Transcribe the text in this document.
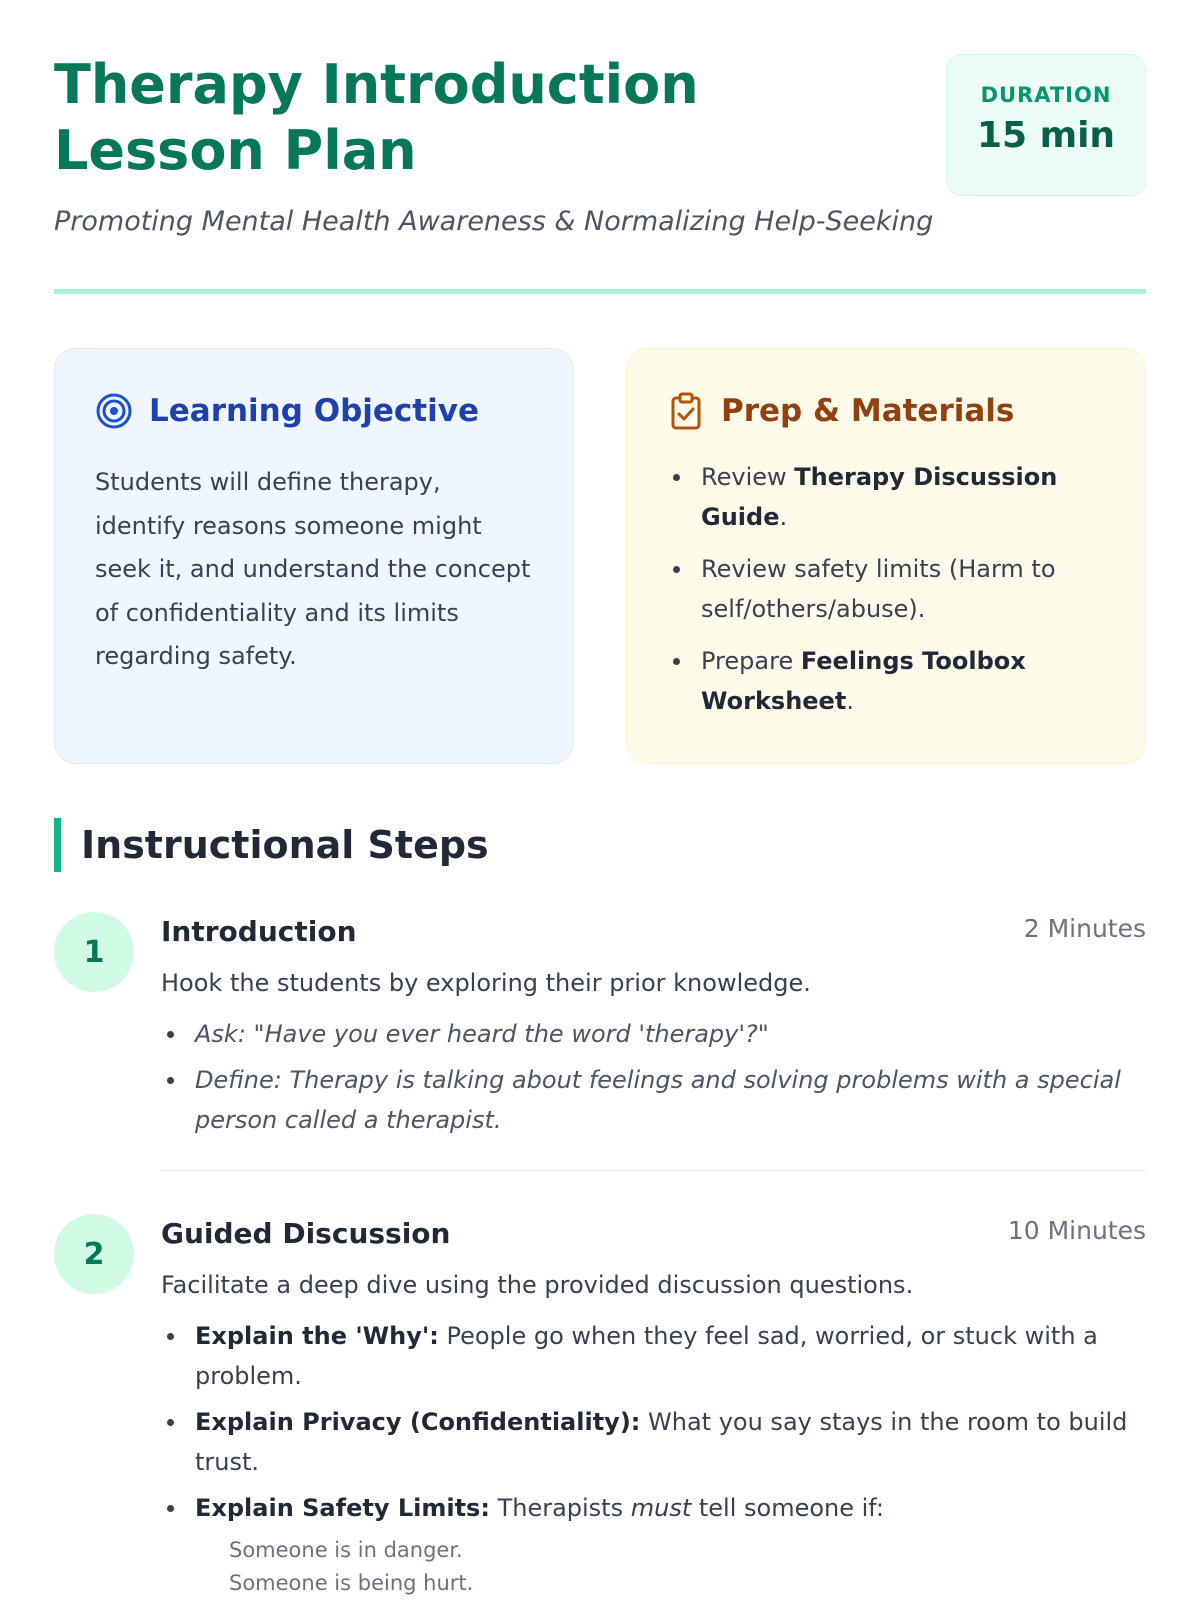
Therapy Introduction Lesson Plan
Promoting Mental Health Awareness & Normalizing Help-Seeking
DURATION
15 min
Learning Objective

Students will define therapy, identify reasons someone might seek it, and understand the concept of confidentiality and its limits regarding safety.

Prep & Materials
Review Therapy Discussion Guide.
Review safety limits (Harm to self/others/abuse).
Prepare Feelings Toolbox Worksheet.
Instructional Steps
1
Introduction	2 Minutes

Hook the students by exploring their prior knowledge.

Ask: "Have you ever heard the word 'therapy'?"
Define: Therapy is talking about feelings and solving problems with a special person called a therapist.
2
Guided Discussion	10 Minutes

Facilitate a deep dive using the provided discussion questions.

Explain the 'Why': People go when they feel sad, worried, or stuck with a problem.
Explain Privacy (Confidentiality): What you say stays in the room to build trust.
Explain Safety Limits: Therapists must tell someone if:
Someone is in danger.
Someone is being hurt.
